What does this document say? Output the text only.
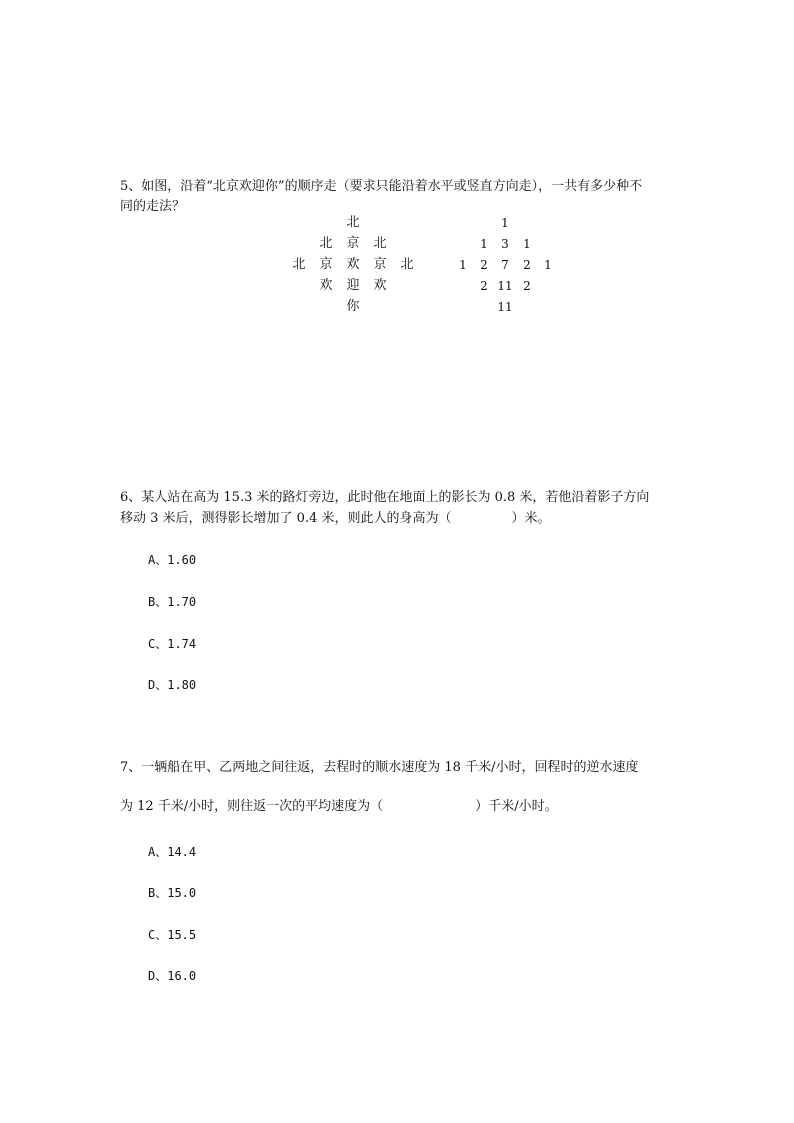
5、如图，沿着“北京欢迎你”的顺序走（要求只能沿着水平或竖直方向走），一共有多少种不
同的走法？
北
北	京	北
北	京	欢	京	北
欢	迎	欢
你
1
1	3	1
1	2	7	2	1
2 11 2
11
6、某人站在高为 15.3 米的路灯旁边，此时他在地面上的影长为 0.8 米，若他沿着影子方向
移动 3 米后，测得影长增加了 0.4 米，则此人的身高为（	）米。
A、1.60
B、1.70
C、1.74
D、1.80
7、一辆船在甲、乙两地之间往返，去程时的顺水速度为 18 千米/小时，回程时的逆水速度
为 12 千米/小时，则往返一次的平均速度为（	）千米/小时。
A、14.4
B、15.0
C、15.5
D、16.0
